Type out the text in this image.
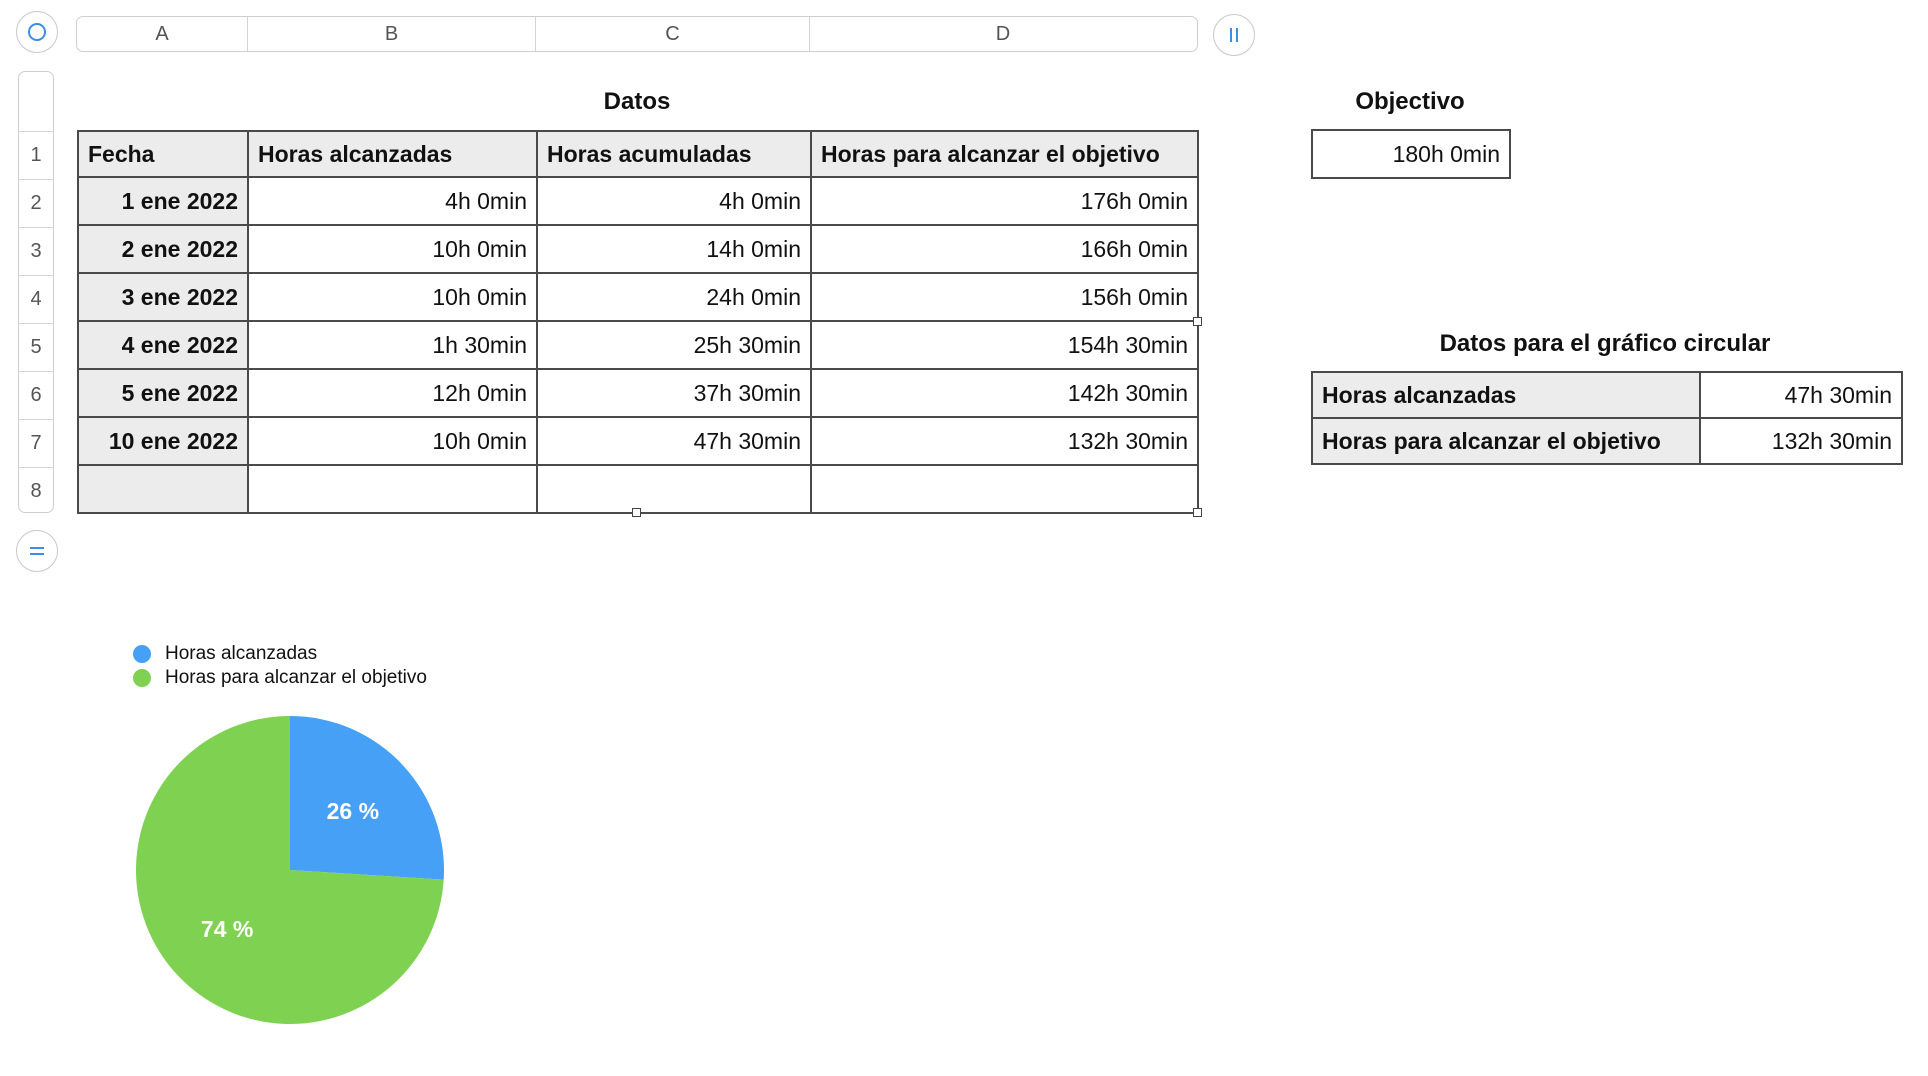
A	B	C	D
1
2
3
4
5
6
7
8
Datos
Fecha	Horas alcanzadas	Horas acumuladas	Horas para alcanzar el objetivo
1 ene 2022	4h 0min	4h 0min	176h 0min
2 ene 2022	10h 0min	14h 0min	166h 0min
3 ene 2022	10h 0min	24h 0min	156h 0min
4 ene 2022	1h 30min	25h 30min	154h 30min
5 ene 2022	12h 0min	37h 30min	142h 30min
10 ene 2022	10h 0min	47h 30min	132h 30min

Objectivo
180h 0min
Datos para el gráfico circular
Horas alcanzadas	47h 30min
Horas para alcanzar el objetivo	132h 30min
Horas alcanzadas
Horas para alcanzar el objetivo
26 %
74 %
